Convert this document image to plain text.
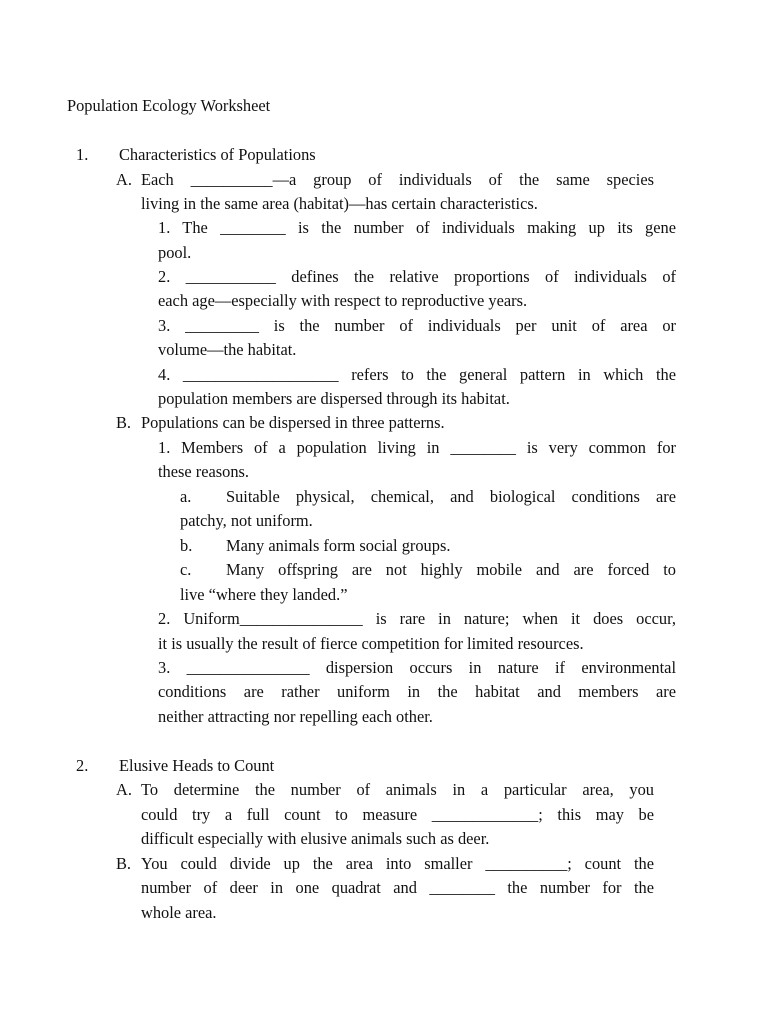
Population Ecology Worksheet
1. Characteristics of Populations
A. Each __________—a group of individuals of the same species
living in the same area (habitat)—has certain characteristics.
1. The ________ is the number of individuals making up its gene
pool.
2. ___________ defines the relative proportions of individuals of
each age—especially with respect to reproductive years.
3. _________ is the number of individuals per unit of area or
volume—the habitat.
4. ___________________ refers to the general pattern in which the
population members are dispersed through its habitat.
B. Populations can be dispersed in three patterns.
1. Members of a population living in ________ is very common for
these reasons.
a. Suitable physical, chemical, and biological conditions are
patchy, not uniform.
b. Many animals form social groups.
c. Many offspring are not highly mobile and are forced to
live “where they landed.”
2. Uniform_______________ is rare in nature; when it does occur,
it is usually the result of fierce competition for limited resources.
3. _______________ dispersion occurs in nature if environmental
conditions are rather uniform in the habitat and members are
neither attracting nor repelling each other.
2. Elusive Heads to Count
A. To determine the number of animals in a particular area, you
could try a full count to measure _____________; this may be
difficult especially with elusive animals such as deer.
B. You could divide up the area into smaller __________; count the
number of deer in one quadrat and ________ the number for the
whole area.
